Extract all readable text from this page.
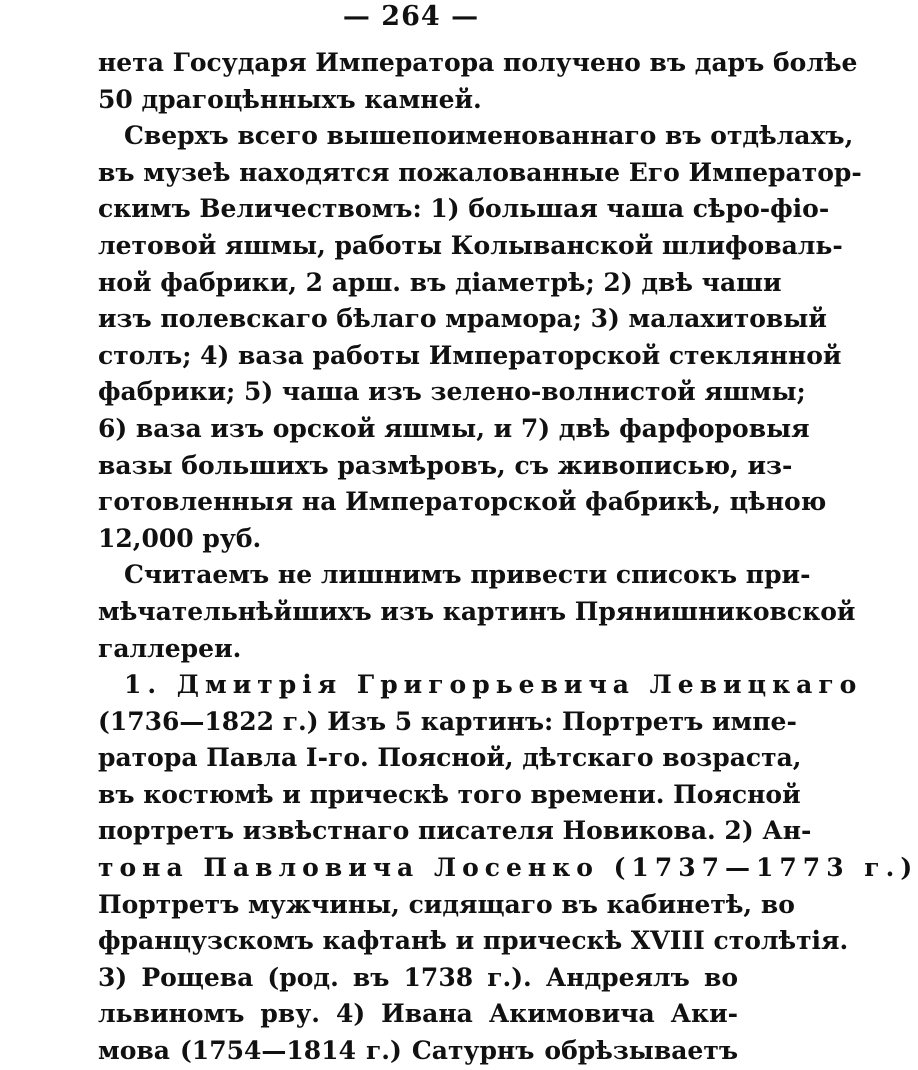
— 264 —
нета Государя Императора получено въ даръ болѣе
50 драгоцѣнныхъ камней.
Сверхъ всего вышепоименованнаго въ отдѣлахъ,
въ музеѣ находятся пожалованные Его Император-
скимъ Величествомъ: 1) большая чаша сѣро-фіо-
летовой яшмы, работы Колыванской шлифоваль-
ной фабрики, 2 арш. въ діаметрѣ; 2) двѣ чаши
изъ полевскаго бѣлаго мрамора; 3) малахитовый
столъ; 4) ваза работы Императорской стеклянной
фабрики; 5) чаша изъ зелено-волнистой яшмы;
6) ваза изъ орской яшмы, и 7) двѣ фарфоровыя
вазы большихъ размѣровъ, съ живописью, из-
готовленныя на Императорской фабрикѣ, цѣною
12,000 руб.
Считаемъ не лишнимъ привести списокъ при-
мѣчательнѣйшихъ изъ картинъ Прянишниковской
галлереи.
1. Дмитрія Григорьевича Левицкаго
(1736—1822 г.) Изъ 5 картинъ: Портретъ импе-
ратора Павла I-го. Поясной, дѣтскаго возраста,
въ костюмѣ и прическѣ того времени. Поясной
портретъ извѣстнаго писателя Новикова. 2) Ан-
тона Павловича Лосенко (1737—1773 г.)
Портретъ мужчины, сидящаго въ кабинетѣ, во
французскомъ кафтанѣ и прическѣ XVIII столѣтія.
3) Рощева (род. въ 1738 г.). Андреялъ во
львиномъ рву. 4) Ивана Акимовича Аки-
мова (1754—1814 г.) Сатурнъ обрѣзываетъ
